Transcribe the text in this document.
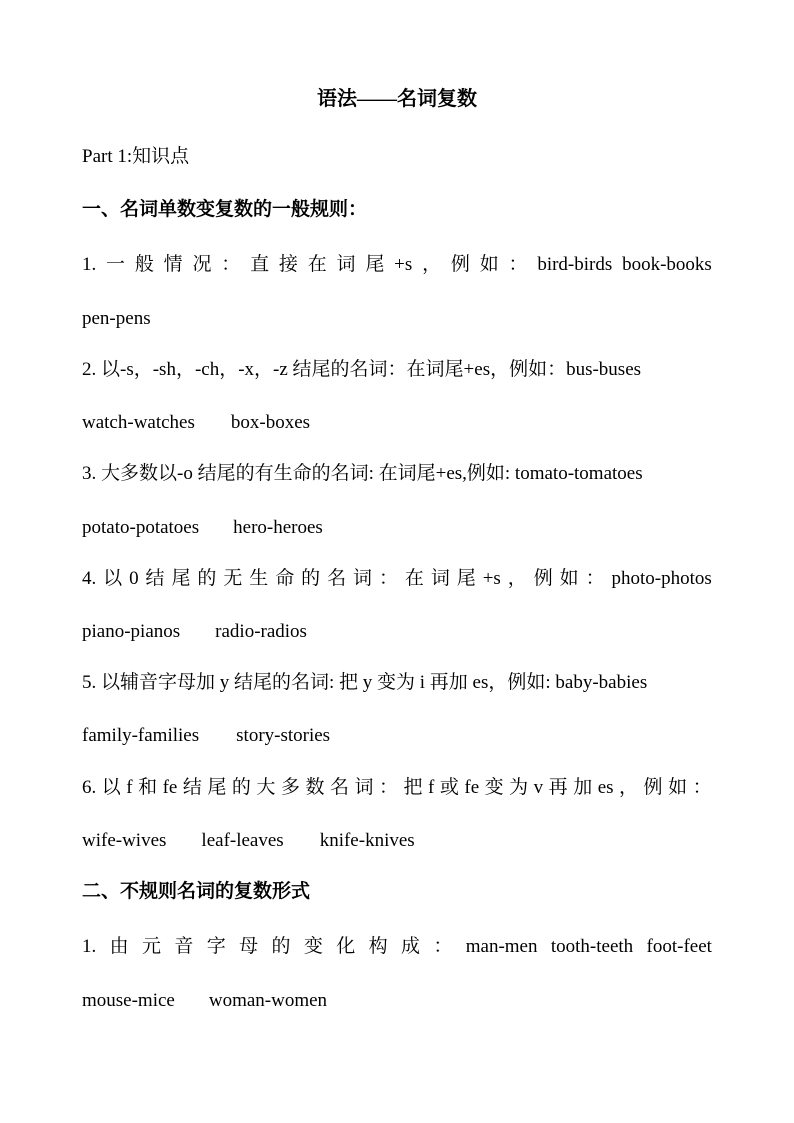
语法——名词复数
Part 1:知识点
一、名词单数变复数的一般规则：
1. 一 般 情 况 ： 直 接 在 词 尾 +s ， 例 如 ： bird-birds book-books
pen-pens
2. 以-s，-sh，-ch，-x，-z 结尾的名词：在词尾+es，例如：bus-buses
watch-watches box-boxes
3. 大多数以-o 结尾的有生命的名词: 在词尾+es,例如: tomato-tomatoes
potato-potatoes hero-heroes
4. 以 0 结 尾 的 无 生 命 的 名 词 ： 在 词 尾 +s ， 例 如 ： photo-photos
piano-pianos radio-radios
5. 以辅音字母加 y 结尾的名词: 把 y 变为 i 再加 es，例如: baby-babies
family-families story-stories
6. 以 f 和 fe 结 尾 的 大 多 数 名 词 ： 把 f 或 fe 变 为 v 再 加 es ， 例 如 ：
wife-wives leaf-leaves knife-knives
二、不规则名词的复数形式
1. 由 元 音 字 母 的 变 化 构 成 ： man-men tooth-teeth foot-feet
mouse-mice woman-women
